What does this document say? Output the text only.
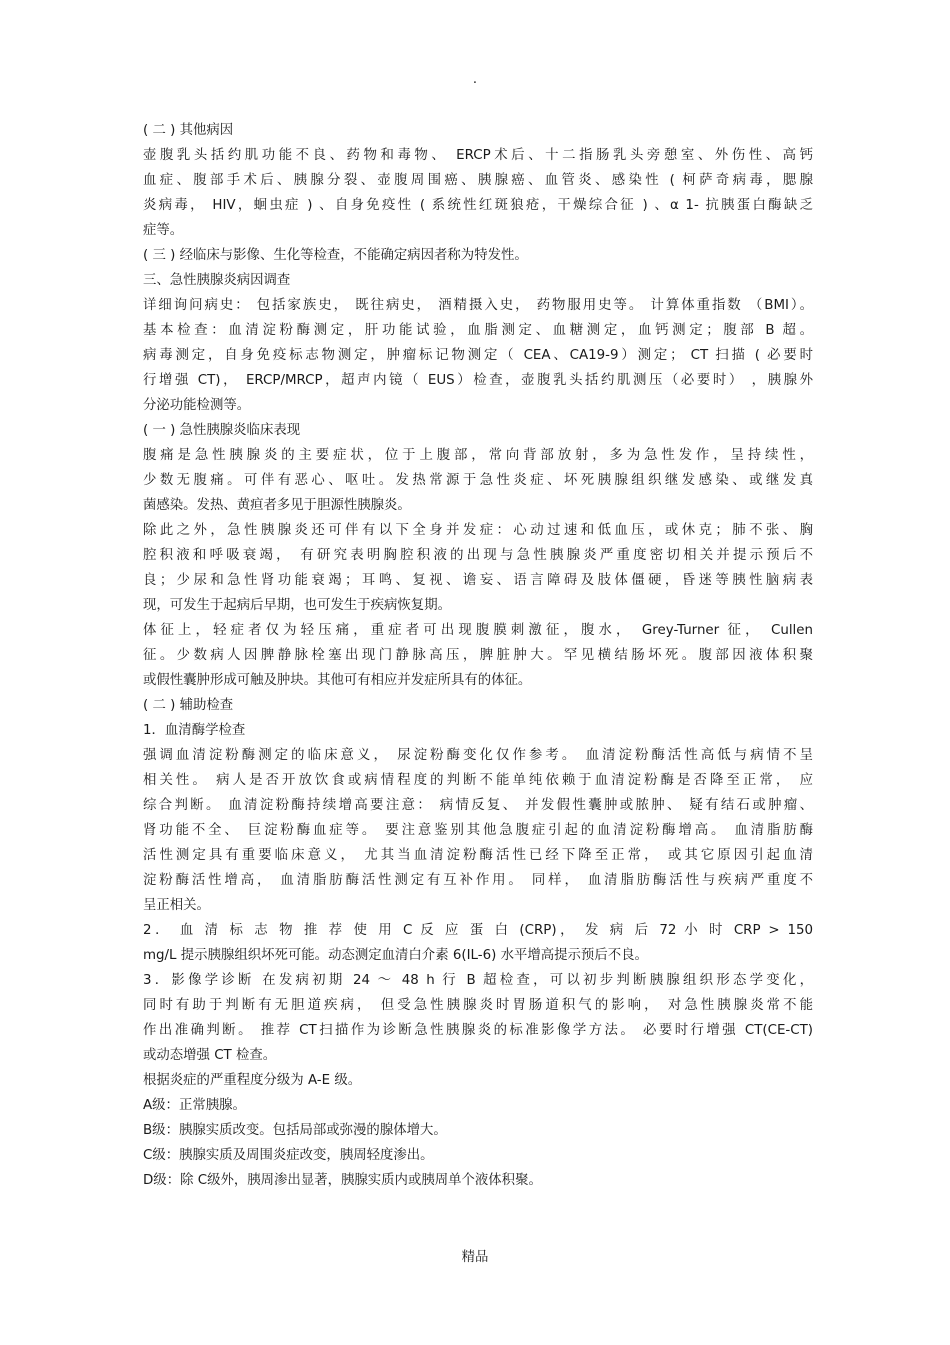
.
( 二 ) 其他病因
壶腹乳头括约肌功能不良、药物和毒物、 ERCP术后、十二指肠乳头旁憩室、外伤性、高钙
血症、腹部手术后、胰腺分裂、壶腹周围癌、胰腺癌、血管炎、感染性 ( 柯萨奇病毒，腮腺
炎病毒， HIV，蛔虫症 ) 、自身免疫性 ( 系统性红斑狼疮，干燥综合征 ) 、α 1- 抗胰蛋白酶缺乏
症等。
( 三 ) 经临床与影像、生化等检查，不能确定病因者称为特发性。
三、急性胰腺炎病因调查
详细询问病史： 包括家族史， 既往病史， 酒精摄入史， 药物服用史等。 计算体重指数 （BMI）。
基本检查：血清淀粉酶测定，肝功能试验，血脂测定、血糖测定，血钙测定；腹部 B 超。
病毒测定，自身免疫标志物测定，肿瘤标记物测定（ CEA、CA19-9）测定； CT 扫描 ( 必要时
行增强 CT)， ERCP/MRCP，超声内镜（ EUS）检查，壶腹乳头括约肌测压（必要时） ，胰腺外
分泌功能检测等。
( 一 ) 急性胰腺炎临床表现
腹痛是急性胰腺炎的主要症状，位于上腹部，常向背部放射，多为急性发作，呈持续性，
少数无腹痛。可伴有恶心、呕吐。发热常源于急性炎症、坏死胰腺组织继发感染、或继发真
菌感染。发热、黄疸者多见于胆源性胰腺炎。
除此之外，急性胰腺炎还可伴有以下全身并发症：心动过速和低血压，或休克；肺不张、胸
腔积液和呼吸衰竭， 有研究表明胸腔积液的出现与急性胰腺炎严重度密切相关并提示预后不
良；少尿和急性肾功能衰竭；耳鸣、复视、谵妄、语言障碍及肢体僵硬，昏迷等胰性脑病表
现，可发生于起病后早期，也可发生于疾病恢复期。
体征上，轻症者仅为轻压痛，重症者可出现腹膜刺激征，腹水， Grey-Turner 征， Cullen
征。少数病人因脾静脉栓塞出现门静脉高压，脾脏肿大。罕见横结肠坏死。腹部因液体积聚
或假性囊肿形成可触及肿块。其他可有相应并发症所具有的体征。
( 二 ) 辅助检查
1．血清酶学检查
强调血清淀粉酶测定的临床意义， 尿淀粉酶变化仅作参考。 血清淀粉酶活性高低与病情不呈
相关性。 病人是否开放饮食或病情程度的判断不能单纯依赖于血清淀粉酶是否降至正常， 应
综合判断。 血清淀粉酶持续增高要注意： 病情反复、 并发假性囊肿或脓肿、 疑有结石或肿瘤、
肾功能不全、 巨淀粉酶血症等。 要注意鉴别其他急腹症引起的血清淀粉酶增高。 血清脂肪酶
活性测定具有重要临床意义， 尤其当血清淀粉酶活性已经下降至正常， 或其它原因引起血清
淀粉酶活性增高， 血清脂肪酶活性测定有互补作用。 同样， 血清脂肪酶活性与疾病严重度不
呈正相关。
2． 血 清 标 志 物 推 荐 使 用 C 反 应 蛋 白 (CRP)， 发 病 后 72 小 时 CRP > 150
mg/L 提示胰腺组织坏死可能。动态测定血清白介素 6(IL-6) 水平增高提示预后不良。
3．影像学诊断 在发病初期 24 ～ 48 h 行 B 超检查，可以初步判断胰腺组织形态学变化，
同时有助于判断有无胆道疾病， 但受急性胰腺炎时胃肠道积气的影响， 对急性胰腺炎常不能
作出准确判断。 推荐 CT扫描作为诊断急性胰腺炎的标准影像学方法。 必要时行增强 CT(CE-CT)
或动态增强 CT 检查。
根据炎症的严重程度分级为 A-E 级。
A级：正常胰腺。
B级：胰腺实质改变。包括局部或弥漫的腺体增大。
C级：胰腺实质及周围炎症改变，胰周轻度渗出。
D级：除 C级外，胰周渗出显著，胰腺实质内或胰周单个液体积聚。
精品
